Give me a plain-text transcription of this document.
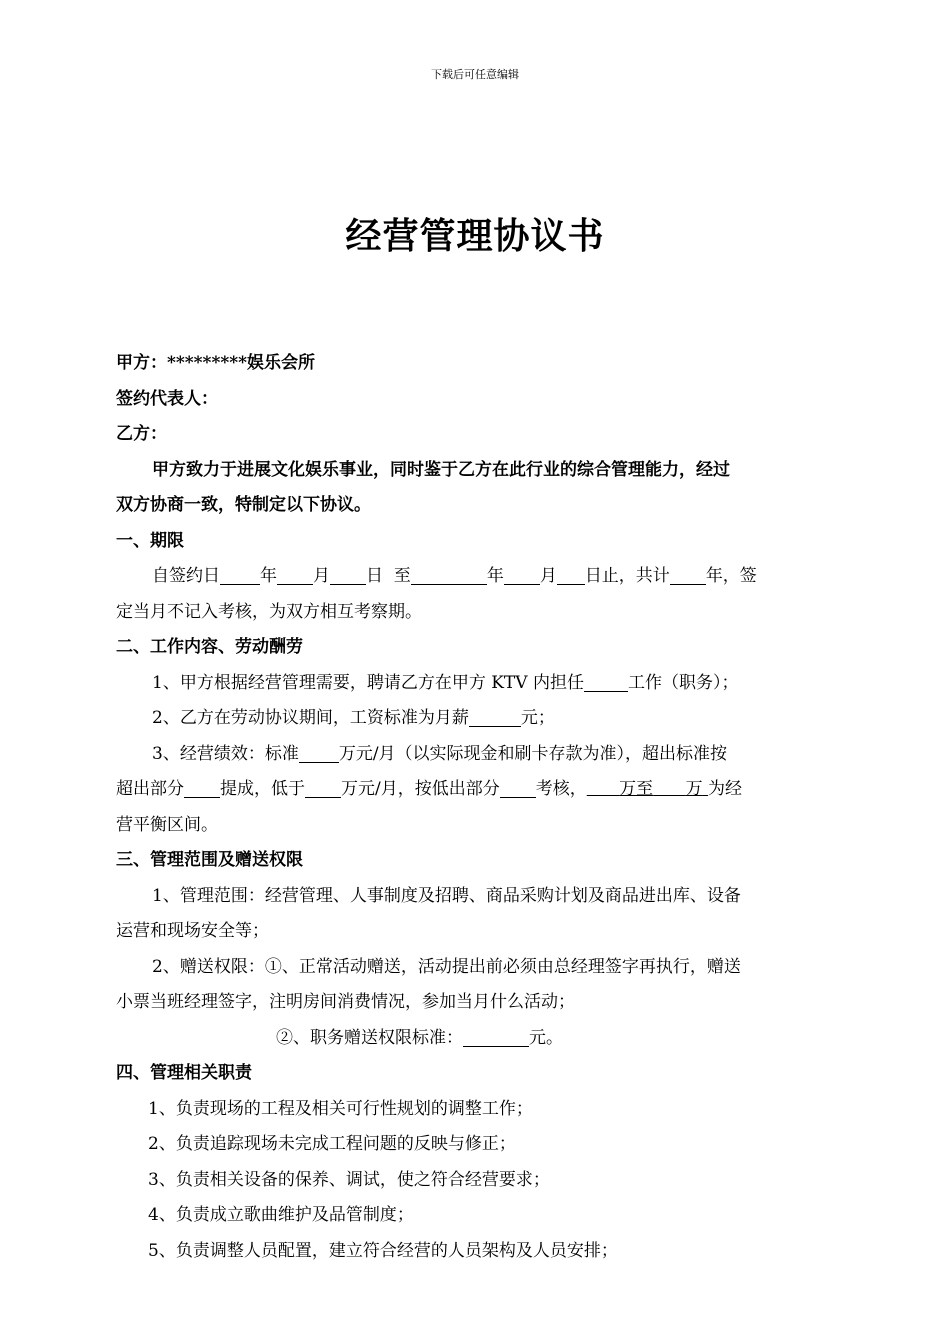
下载后可任意编辑
经营管理协议书
甲方：*********娱乐会所
签约代表人：
乙方：
甲方致力于进展文化娱乐事业，同时鉴于乙方在此行业的综合管理能力，经过
双方协商一致，特制定以下协议。
一、期限
自签约日 年 月 日  至	年 月 日止，共计 年，签
定当月不记入考核，为双方相互考察期。
二、工作内容、劳动酬劳
1、甲方根据经营管理需要，聘请乙方在甲方 KTV 内担任	工作（职务）；
2、乙方在劳动协议期间，工资标准为月薪	元；
3、经营绩效：标准 万元/月（以实际现金和刷卡存款为准），超出标准按
超出部分 提成，低于 万元/月，按低出部分 考核， 万至 万 为经
营平衡区间。
三、管理范围及赠送权限
1、管理范围：经营管理、人事制度及招聘、商品采购计划及商品进出库、设备
运营和现场安全等；
2、赠送权限：①、正常活动赠送，活动提出前必须由总经理签字再执行，赠送
小票当班经理签字，注明房间消费情况，参加当月什么活动；
②、职务赠送权限标准：	元。
四、管理相关职责
1、负责现场的工程及相关可行性规划的调整工作；
2、负责追踪现场未完成工程问题的反映与修正；
3、负责相关设备的保养、调试，使之符合经营要求；
4、负责成立歌曲维护及品管制度；
5、负责调整人员配置，建立符合经营的人员架构及人员安排；
